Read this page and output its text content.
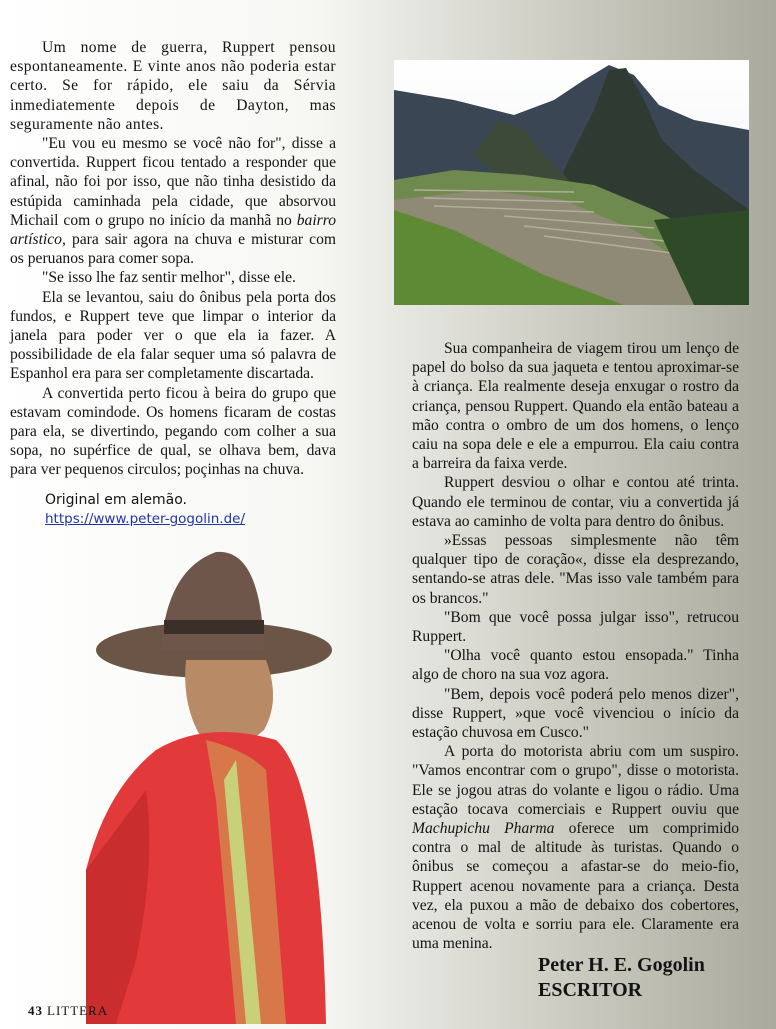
Um nome de guerra, Ruppert pensou espontaneamente. E vinte anos não poderia estar certo. Se for rápido, ele saiu da Sérvia inmediatemente depois de Dayton, mas seguramente não antes.

"Eu vou eu mesmo se você não for", disse a convertida. Ruppert ficou tentado a responder que afinal, não foi por isso, que não tinha desistido da estúpida caminhada pela cidade, que absorvou Michail com o grupo no início da manhã no bairro artístico, para sair agora na chuva e misturar com os peruanos para comer sopa.

"Se isso lhe faz sentir melhor", disse ele.

Ela se levantou, saiu do ônibus pela porta dos fundos, e Ruppert teve que limpar o interior da janela para poder ver o que ela ia fazer. A possibilidade de ela falar sequer uma só palavra de Espanhol era para ser completamente discartada.

A convertida perto ficou à beira do grupo que estavam comindode. Os homens ficaram de costas para ela, se divertindo, pegando com colher a sua sopa, no supérfice de qual, se olhava bem, dava para ver pequenos circulos; poçinhas na chuva.

Original em alemão.
https://www.peter-gogolin.de/

Sua companheira de viagem tirou um lenço de papel do bolso da sua jaqueta e tentou aproximar-se à criança. Ela realmente deseja enxugar o rostro da criança, pensou Ruppert. Quando ela então bateau a mão contra o ombro de um dos homens, o lenço caiu na sopa dele e ele a empurrou. Ela caiu contra a barreira da faixa verde.

Ruppert desviou o olhar e contou até trinta. Quando ele terminou de contar, viu a convertida já estava ao caminho de volta para dentro do ônibus.

»Essas pessoas simplesmente não têm qualquer tipo de coração«, disse ela desprezando, sentando-se atras dele. "Mas isso vale também para os brancos."

"Bom que você possa julgar isso", retrucou Ruppert.

"Olha você quanto estou ensopada." Tinha algo de choro na sua voz agora.

"Bem, depois você poderá pelo menos dizer", disse Ruppert, »que você vivenciou o início da estação chuvosa em Cusco."

A porta do motorista abriu com um suspiro. "Vamos encontrar com o grupo", disse o motorista. Ele se jogou atras do volante e ligou o rádio. Uma estação tocava comerciais e Ruppert ouviu que Machupichu Pharma oferece um comprimido contra o mal de altitude às turistas. Quando o ônibus se começou a afastar-se do meio-fio, Ruppert acenou novamente para a criança. Desta vez, ela puxou a mão de debaixo dos cobertores, acenou de volta e sorriu para ele. Claramente era uma menina.

Peter H. E. Gogolin
ESCRITOR
43 LITTERA
